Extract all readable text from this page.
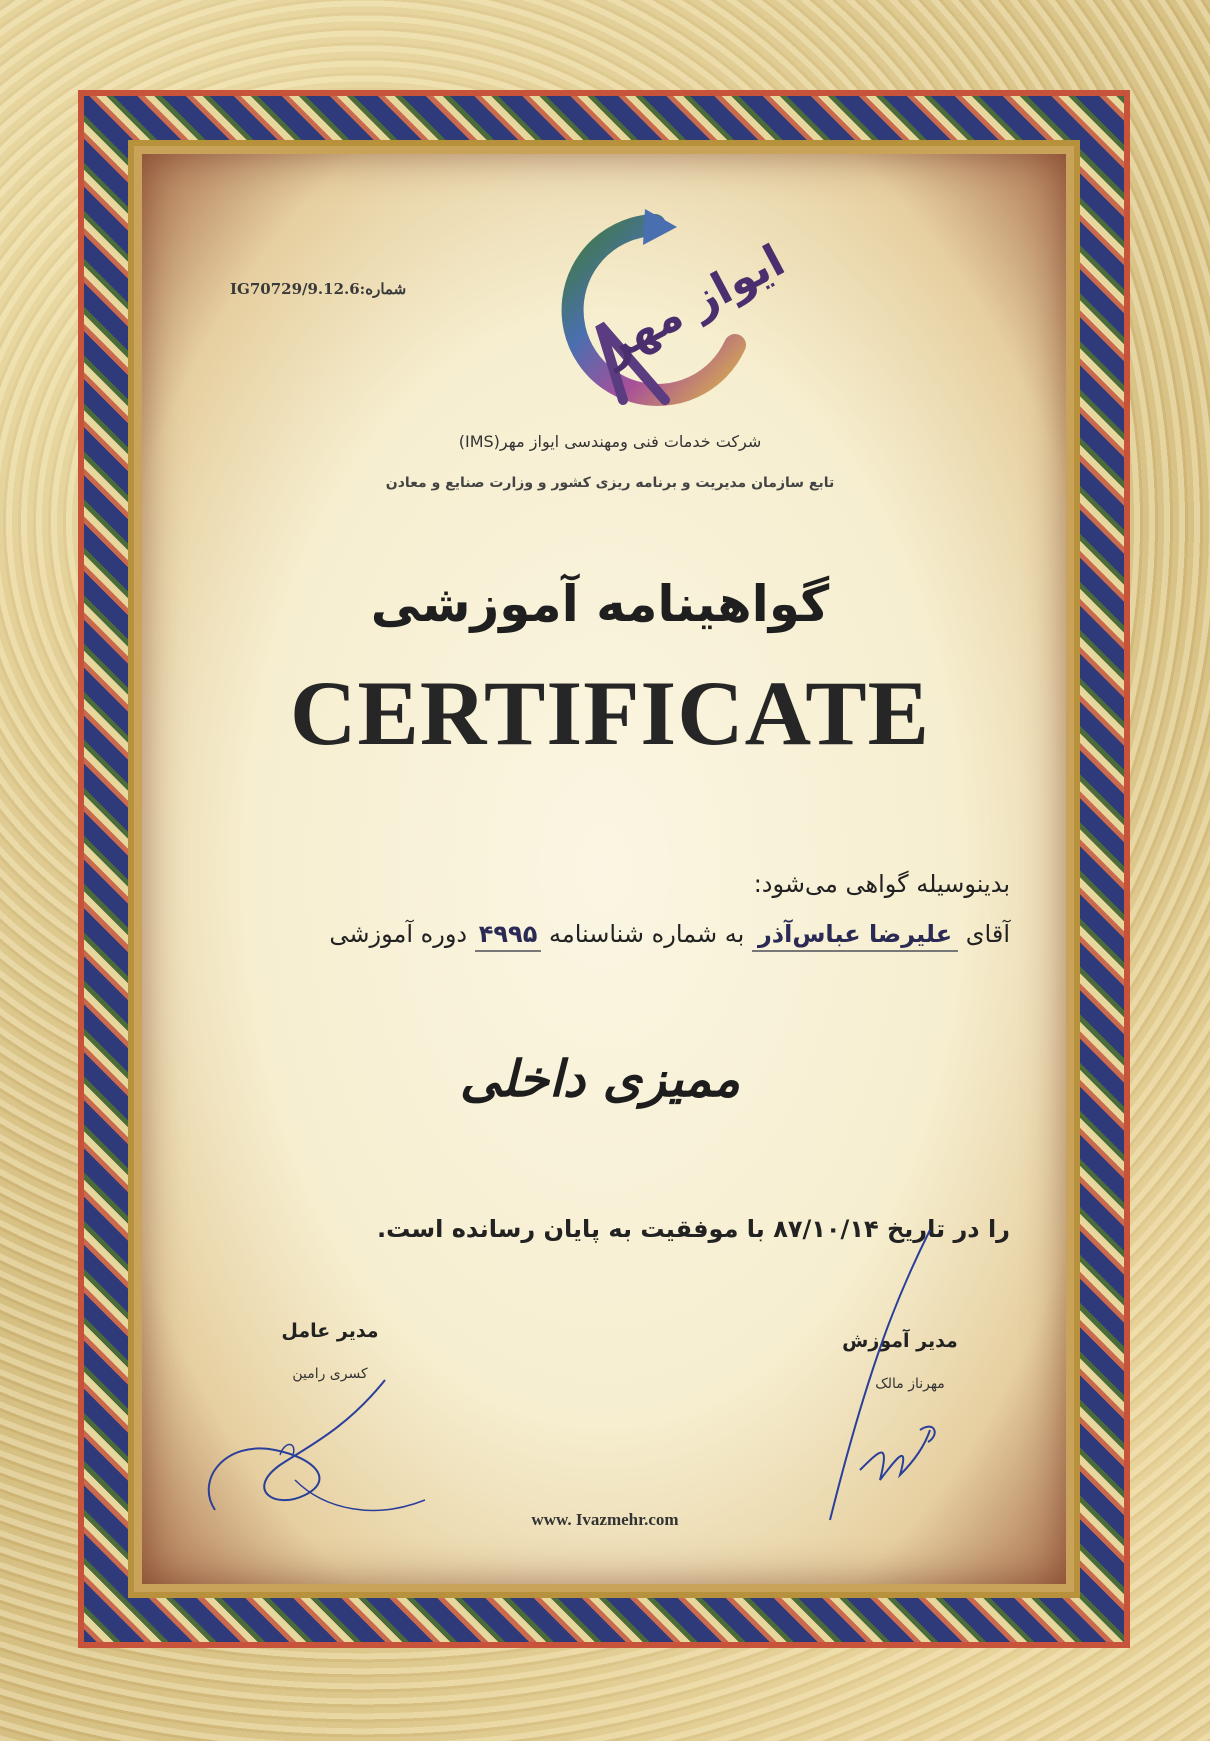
IG70729/9.12.6:شماره	ایواز مهر
شرکت خدمات فنی ومهندسی ایواز مهر(IMS)
تابع سازمان مدیریت و برنامه ریزی کشور و وزارت صنایع و معادن
گواهینامه آموزشی
CERTIFICATE
بدینوسیله گواهی می‌شود:
آقای علیرضا عباس‌آذر به شماره شناسنامه ۴۹۹۵ دوره آموزشی
ممیزی داخلی
را در تاریخ ۸۷/۱۰/۱۴ با موفقیت به پایان رسانده است.
مدیر عامل
کسری رامین
مدیر آموزش
مهرناز مالک
www. Ivazmehr.com
